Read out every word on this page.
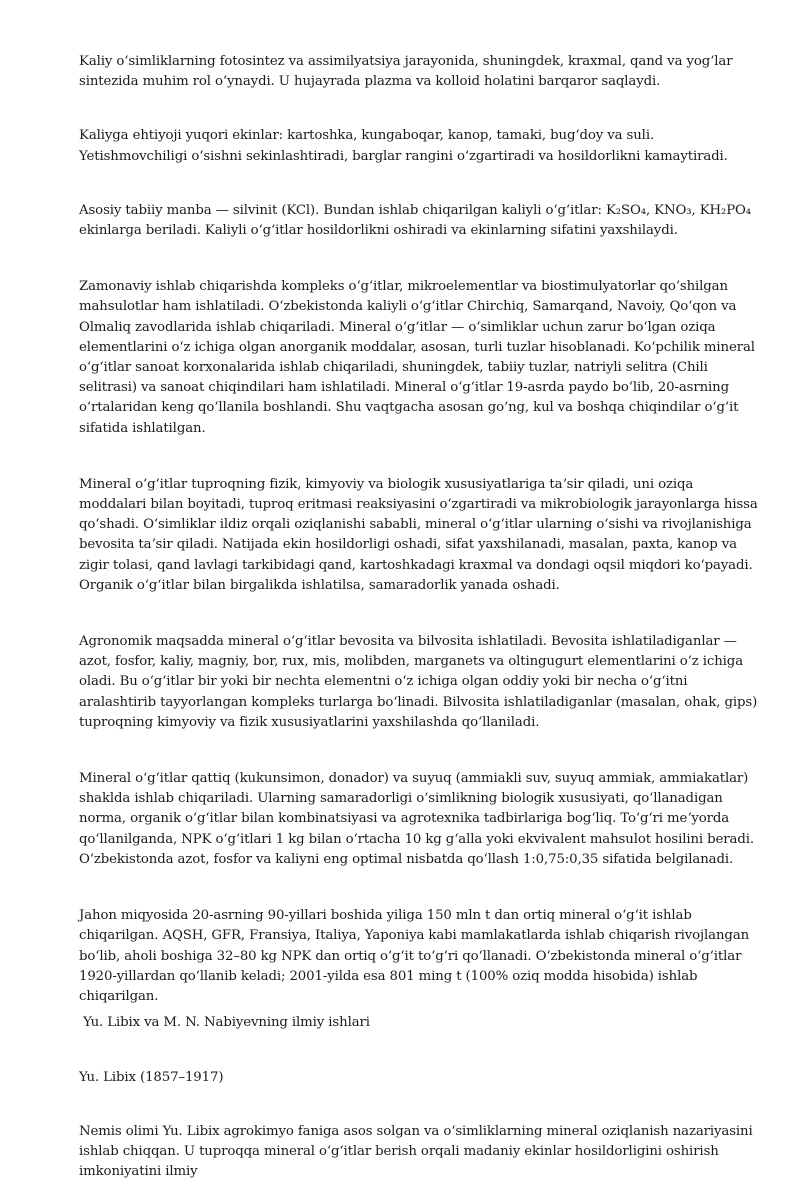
Kaliy oʻsimliklarning fotosintez va assimilyatsiya jarayonida, shuningdek, kraxmal, qand va yogʻlar sintezida muhim rol oʻynaydi. U hujayrada plazma va kolloid holatini barqaror saqlaydi.

Kaliyga ehtiyoji yuqori ekinlar: kartoshka, kungaboqar, kanop, tamaki, bugʻdoy va suli. Yetishmovchiligi oʻsishni sekinlashtiradi, barglar rangini oʻzgartiradi va hosildorlikni kamaytiradi.

Asosiy tabiiy manba — silvinit (KCl). Bundan ishlab chiqarilgan kaliyli oʻgʻitlar: K₂SO₄, KNO₃, KH₂PO₄ ekinlarga beriladi. Kaliyli oʻgʻitlar hosildorlikni oshiradi va ekinlarning sifatini yaxshilaydi.

Zamonaviy ishlab chiqarishda kompleks oʻgʻitlar, mikroelementlar va biostimulyatorlar qoʻshilgan mahsulotlar ham ishlatiladi. Oʻzbekistonda kaliyli oʻgʻitlar Chirchiq, Samarqand, Navoiy, Qoʻqon va Olmaliq zavodlarida ishlab chiqariladi. Mineral oʻgʻitlar — oʻsimliklar uchun zarur boʻlgan oziqa elementlarini oʻz ichiga olgan anorganik moddalar, asosan, turli tuzlar hisoblanadi. Koʻpchilik mineral oʻgʻitlar sanoat korxonalarida ishlab chiqariladi, shuningdek, tabiiy tuzlar, natriyli selitra (Chili selitrasi) va sanoat chiqindilari ham ishlatiladi. Mineral oʻgʻitlar 19-asrda paydo boʻlib, 20-asrning oʻrtalaridan keng qoʻllanila boshlandi. Shu vaqtgacha asosan goʻng, kul va boshqa chiqindilar oʻgʻit sifatida ishlatilgan.

Mineral oʻgʻitlar tuproqning fizik, kimyoviy va biologik xususiyatlariga taʼsir qiladi, uni oziqa moddalari bilan boyitadi, tuproq eritmasi reaksiyasini oʻzgartiradi va mikrobiologik jarayonlarga hissa qoʻshadi. Oʻsimliklar ildiz orqali oziqlanishi sababli, mineral oʻgʻitlar ularning oʻsishi va rivojlanishiga bevosita taʼsir qiladi. Natijada ekin hosildorligi oshadi, sifat yaxshilanadi, masalan, paxta, kanop va zigir tolasi, qand lavlagi tarkibidagi qand, kartoshkadagi kraxmal va dondagi oqsil miqdori koʻpayadi. Organik oʻgʻitlar bilan birgalikda ishlatilsa, samaradorlik yanada oshadi.

Agronomik maqsadda mineral oʻgʻitlar bevosita va bilvosita ishlatiladi. Bevosita ishlatiladiganlar — azot, fosfor, kaliy, magniy, bor, rux, mis, molibden, marganets va oltingugurt elementlarini oʻz ichiga oladi. Bu oʻgʻitlar bir yoki bir nechta elementni oʻz ichiga olgan oddiy yoki bir necha oʻgʻitni aralashtirib tayyorlangan kompleks turlarga boʻlinadi. Bilvosita ishlatiladiganlar (masalan, ohak, gips) tuproqning kimyoviy va fizik xususiyatlarini yaxshilashda qoʻllaniladi.

Mineral oʻgʻitlar qattiq (kukunsimon, donador) va suyuq (ammiakli suv, suyuq ammiak, ammiakatlar) shaklda ishlab chiqariladi. Ularning samaradorligi oʻsimlikning biologik xususiyati, qoʻllanadigan norma, organik oʻgʻitlar bilan kombinatsiyasi va agrotexnika tadbirlariga bogʻliq. Toʻgʻri meʼyorda qoʻllanilganda, NPK oʻgʻitlari 1 kg bilan oʻrtacha 10 kg gʻalla yoki ekvivalent mahsulot hosilini beradi. Oʻzbekistonda azot, fosfor va kaliyni eng optimal nisbatda qoʻllash 1:0,75:0,35 sifatida belgilanadi.

Jahon miqyosida 20-asrning 90-yillari boshida yiliga 150 mln t dan ortiq mineral oʻgʻit ishlab chiqarilgan. AQSH, GFR, Fransiya, Italiya, Yaponiya kabi mamlakatlarda ishlab chiqarish rivojlangan boʻlib, aholi boshiga 32–80 kg NPK dan ortiq oʻgʻit toʻgʻri qoʻllanadi. Oʻzbekistonda mineral oʻgʻitlar 1920-yillardan qoʻllanib keladi; 2001-yilda esa 801 ming t (100% oziq modda hisobida) ishlab chiqarilgan.

Yu. Libix va M. N. Nabiyevning ilmiy ishlari

Yu. Libix (1857–1917)

Nemis olimi Yu. Libix agrokimyo faniga asos solgan va oʻsimliklarning mineral oziqlanish nazariyasini ishlab chiqqan. U tuproqqa mineral oʻgʻitlar berish orqali madaniy ekinlar hosildorligini oshirish imkoniyatini ilmiy
